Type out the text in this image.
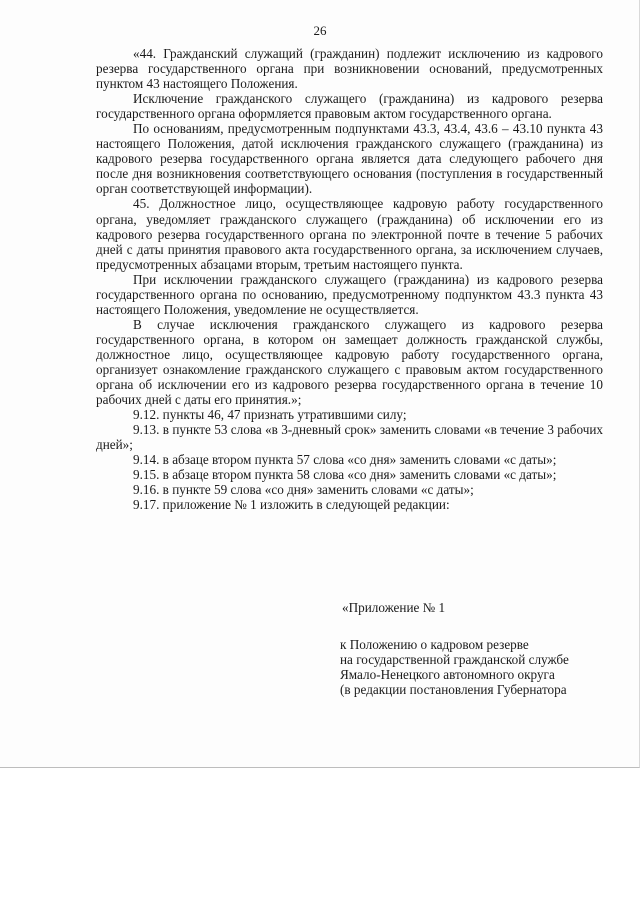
26

«44. Гражданский служащий (гражданин) подлежит исключению из кадрового резерва государственного органа при возникновении оснований, предусмотренных пунктом 43 настоящего Положения.

Исключение гражданского служащего (гражданина) из кадрового резерва государственного органа оформляется правовым актом государственного органа.

По основаниям, предусмотренным подпунктами 43.3, 43.4, 43.6 – 43.10 пункта 43 настоящего Положения, датой исключения гражданского служащего (гражданина) из кадрового резерва государственного органа является дата следующего рабочего дня после дня возникновения соответствующего основания (поступления в государственный орган соответствующей информации).

45. Должностное лицо, осуществляющее кадровую работу государственного органа, уведомляет гражданского служащего (гражданина) об исключении его из кадрового резерва государственного органа по электронной почте в течение 5 рабочих дней с даты принятия правового акта государственного органа, за исключением случаев, предусмотренных абзацами вторым, третьим настоящего пункта.

При исключении гражданского служащего (гражданина) из кадрового резерва государственного органа по основанию, предусмотренному подпунктом 43.3 пункта 43 настоящего Положения, уведомление не осуществляется.

В случае исключения гражданского служащего из кадрового резерва государственного органа, в котором он замещает должность гражданской службы, должностное лицо, осуществляющее кадровую работу государственного органа, организует ознакомление гражданского служащего с правовым актом государственного органа об исключении его из кадрового резерва государственного органа в течение 10 рабочих дней с даты его принятия.»;

9.12. пункты 46, 47 признать утратившими силу;

9.13. в пункте 53 слова «в 3-дневный срок» заменить словами «в течение 3 рабочих дней»;

9.14. в абзаце втором пункта 57 слова «со дня» заменить словами «с даты»;

9.15. в абзаце втором пункта 58 слова «со дня» заменить словами «с даты»;

9.16. в пункте 59 слова «со дня» заменить словами «с даты»;

9.17. приложение № 1 изложить в следующей редакции:

«Приложение № 1
к Положению о кадровом резерве
на государственной гражданской службе
Ямало-Ненецкого автономного округа
(в редакции постановления Губернатора
